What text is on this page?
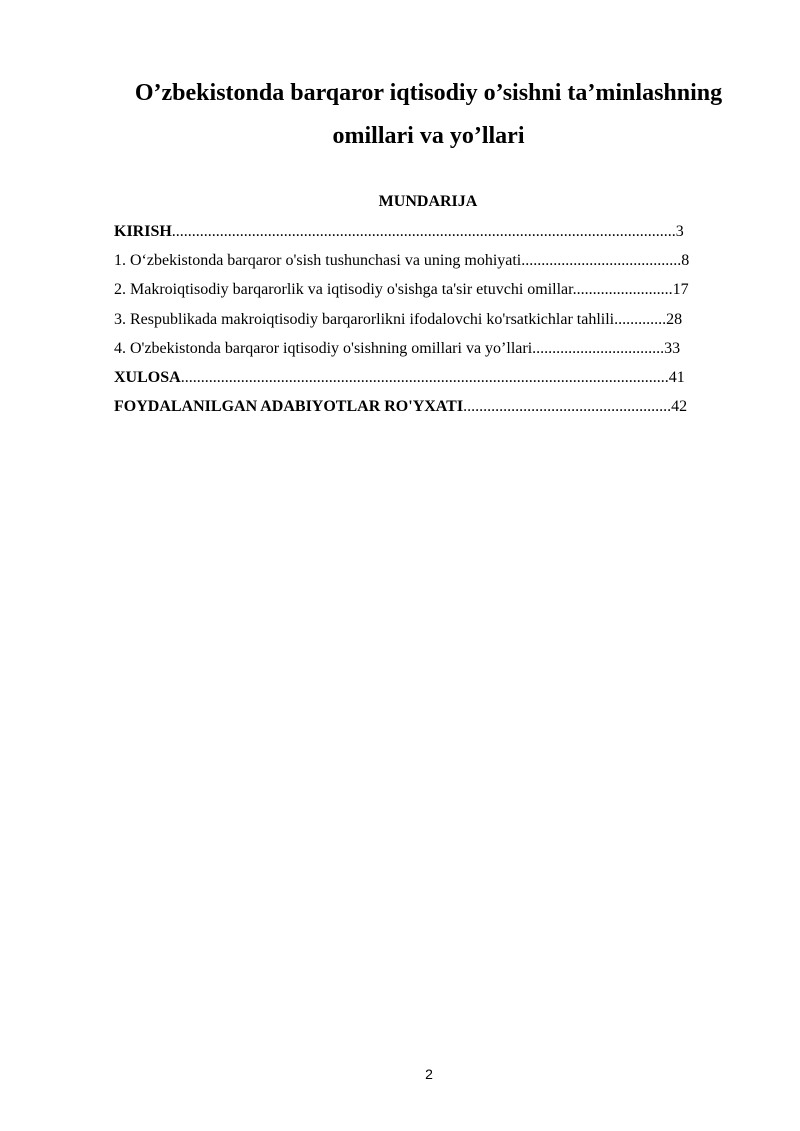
O’zbekistonda barqaror iqtisodiy o’sishni ta’minlashning
omillari va yo’llari
MUNDARIJA
KIRISH..............................................................................................................................3
1. O‘zbekistonda barqaror o'sish tushunchasi va uning mohiyati........................................8
2. Makroiqtisodiy barqarorlik va iqtisodiy o'sishga ta'sir etuvchi omillar.........................17
3. Respublikada makroiqtisodiy barqarorlikni ifodalovchi ko'rsatkichlar tahlili.............28
4. O'zbekistonda barqaror iqtisodiy o'sishning omillari va yo’llari.................................33
XULOSA..........................................................................................................................41
FOYDALANILGAN ADABIYOTLAR RO'YXATI....................................................42
2
